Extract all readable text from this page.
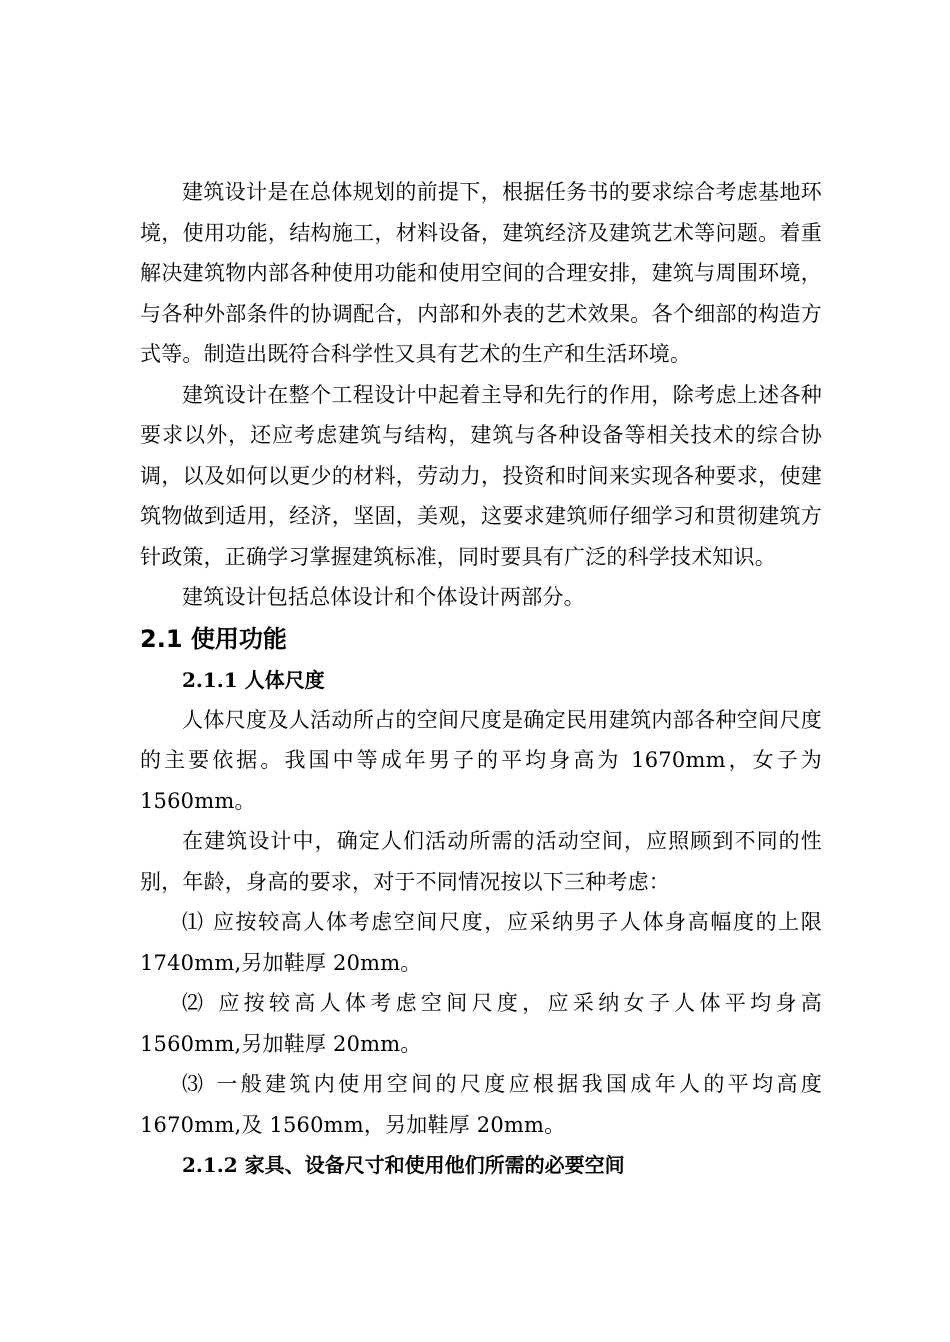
建筑设计是在总体规划的前提下，根据任务书的要求综合考虑基地环境，使用功能，结构施工，材料设备，建筑经济及建筑艺术等问题。着重解决建筑物内部各种使用功能和使用空间的合理安排，建筑与周围环境，与各种外部条件的协调配合，内部和外表的艺术效果。各个细部的构造方式等。制造出既符合科学性又具有艺术的生产和生活环境。

建筑设计在整个工程设计中起着主导和先行的作用，除考虑上述各种要求以外，还应考虑建筑与结构，建筑与各种设备等相关技术的综合协调，以及如何以更少的材料，劳动力，投资和时间来实现各种要求，使建筑物做到适用，经济，坚固，美观，这要求建筑师仔细学习和贯彻建筑方针政策，正确学习掌握建筑标准，同时要具有广泛的科学技术知识。

建筑设计包括总体设计和个体设计两部分。

2.1 使用功能
2.1.1 人体尺度

人体尺度及人活动所占的空间尺度是确定民用建筑内部各种空间尺度的主要依据。我国中等成年男子的平均身高为 1670mm，女子为 1560mm。

在建筑设计中，确定人们活动所需的活动空间，应照顾到不同的性别，年龄，身高的要求，对于不同情况按以下三种考虑：

⑴ 应按较高人体考虑空间尺度，应采纳男子人体身高幅度的上限 1740mm,另加鞋厚 20mm。

⑵ 应按较高人体考虑空间尺度，应采纳女子人体平均身高 1560mm,另加鞋厚 20mm。

⑶ 一般建筑内使用空间的尺度应根据我国成年人的平均高度 1670mm,及 1560mm，另加鞋厚 20mm。

2.1.2 家具、设备尺寸和使用他们所需的必要空间
